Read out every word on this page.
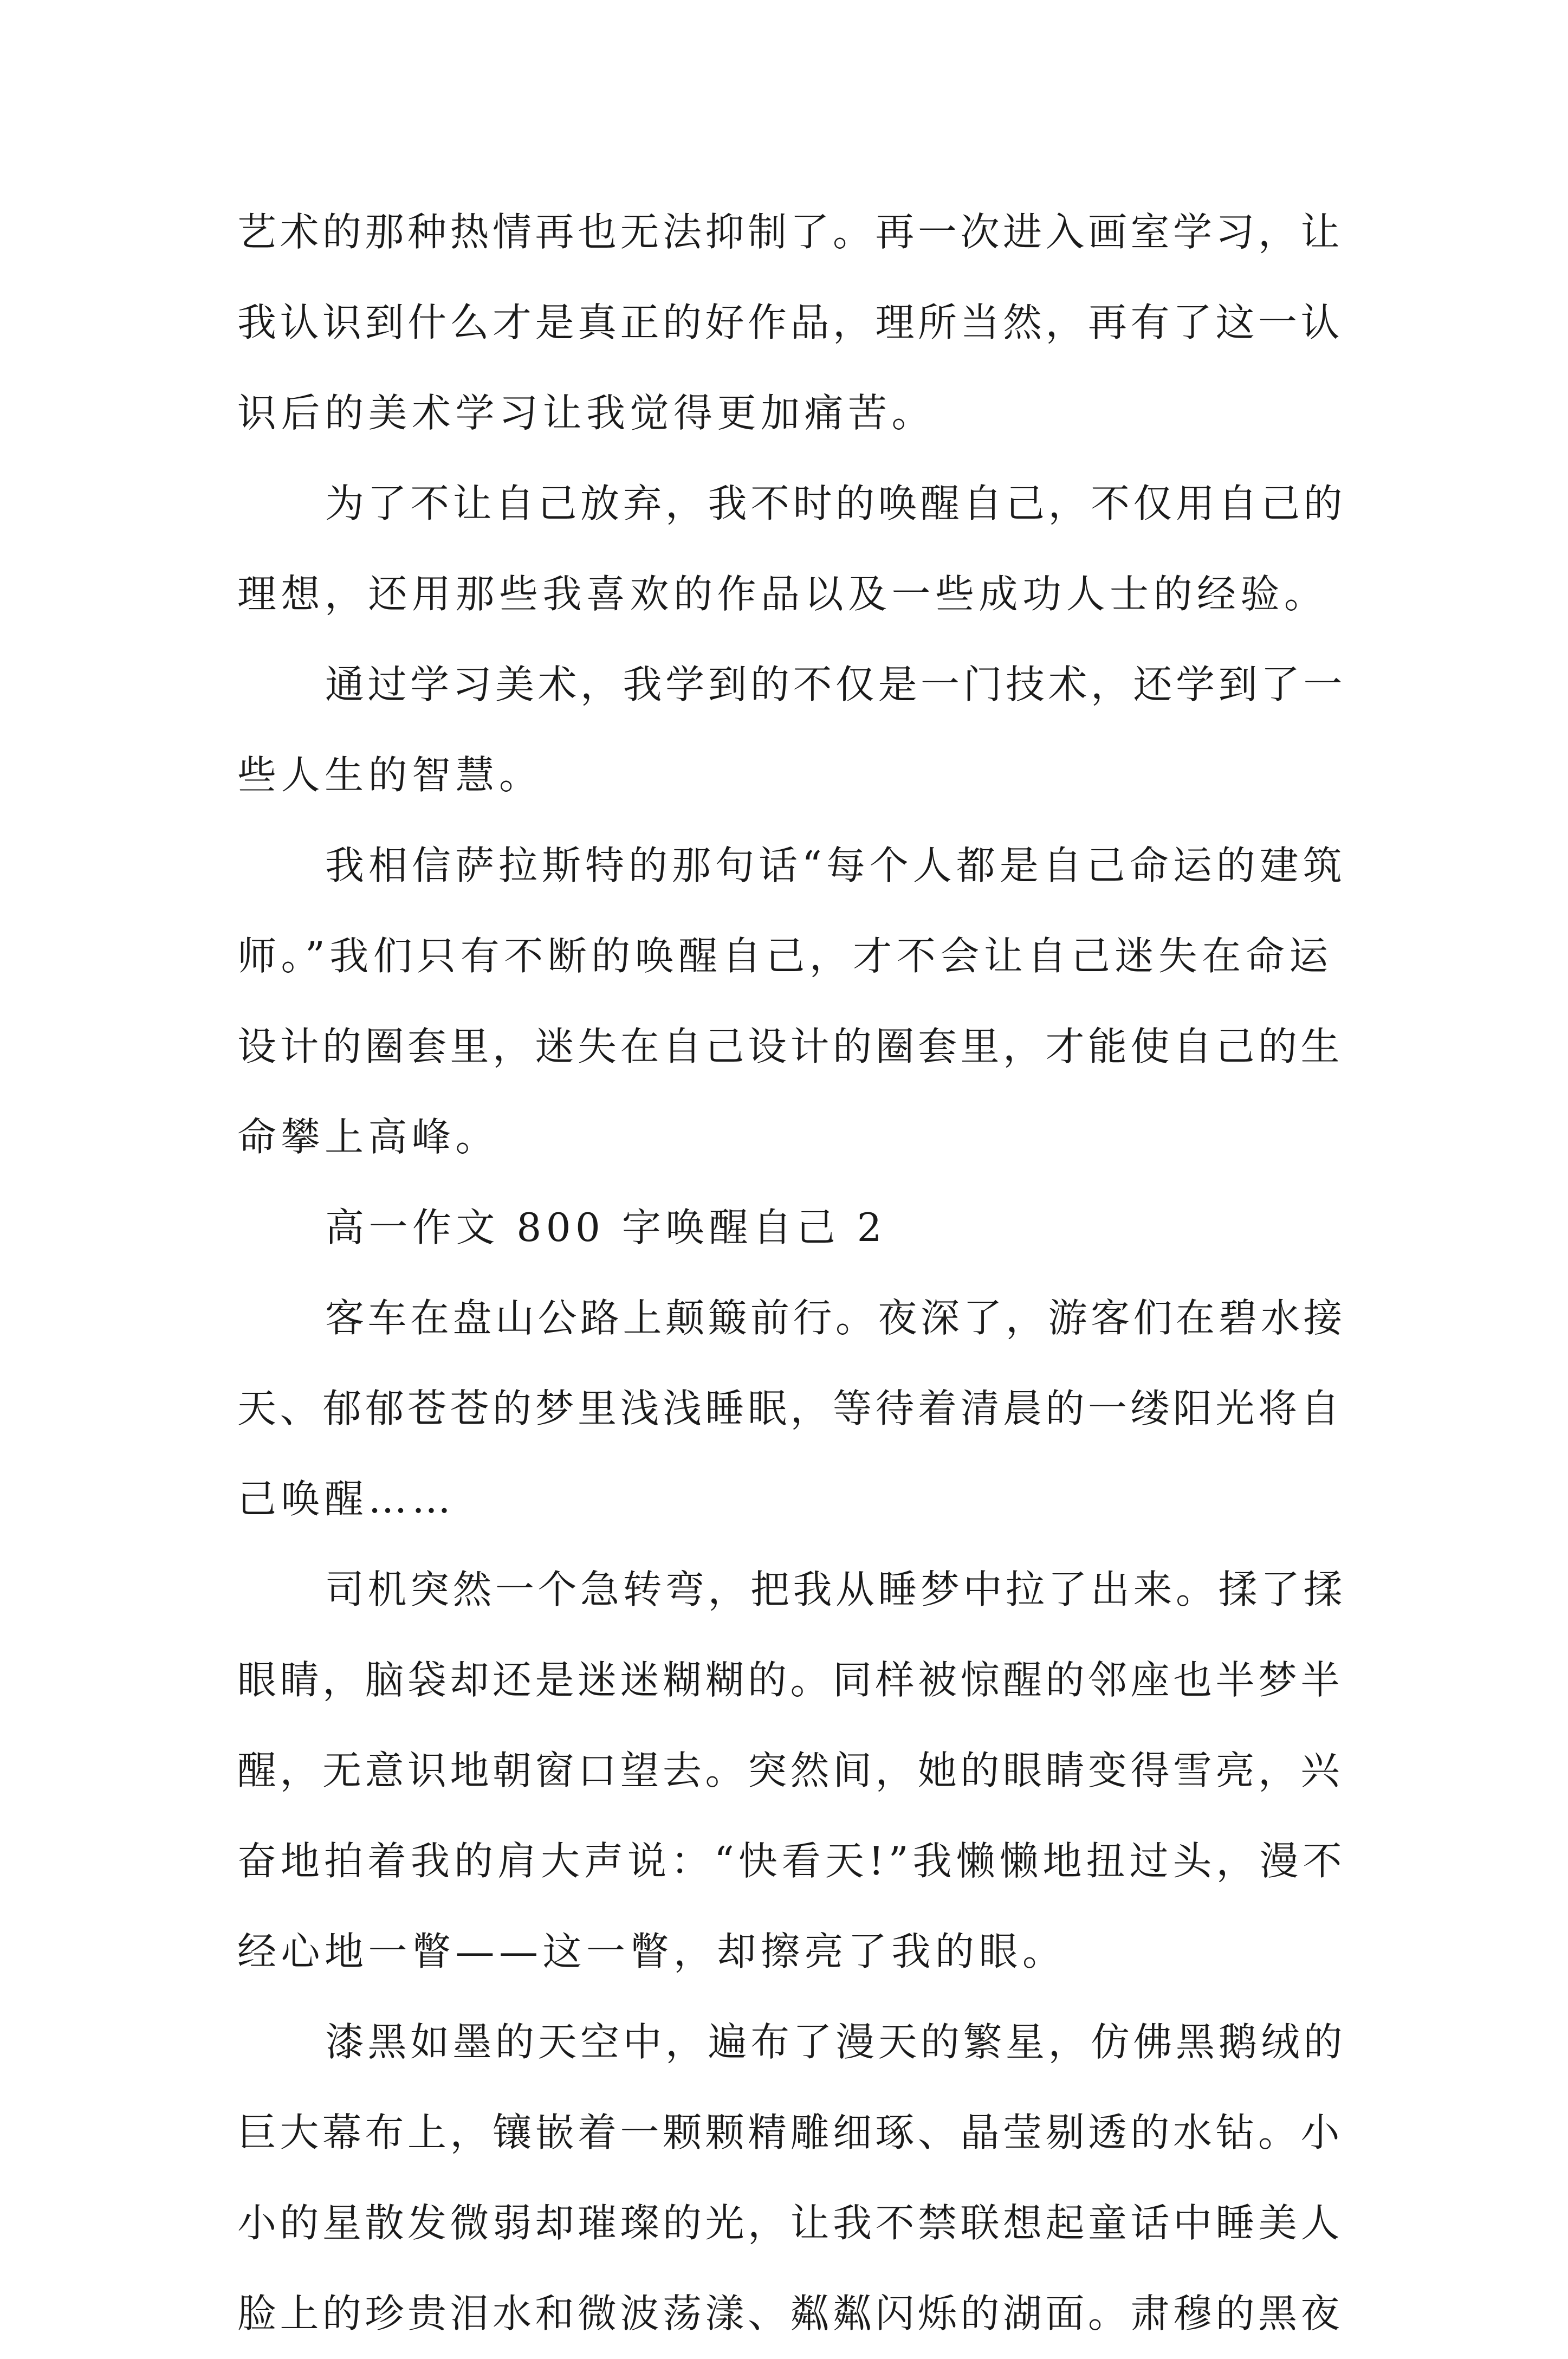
艺术的那种热情再也无法抑制了。再一次进入画室学习，让
我认识到什么才是真正的好作品，理所当然，再有了这一认
识后的美术学习让我觉得更加痛苦。
为了不让自己放弃，我不时的唤醒自己，不仅用自己的
理想，还用那些我喜欢的作品以及一些成功人士的经验。
通过学习美术，我学到的不仅是一门技术，还学到了一
些人生的智慧。
我相信萨拉斯特的那句话“每个人都是自己命运的建筑
师。”我们只有不断的唤醒自己，才不会让自己迷失在命运
设计的圈套里，迷失在自己设计的圈套里，才能使自己的生
命攀上高峰。
高一作文 800 字唤醒自己 2
客车在盘山公路上颠簸前行。夜深了，游客们在碧水接
天、郁郁苍苍的梦里浅浅睡眠，等待着清晨的一缕阳光将自
己唤醒……
司机突然一个急转弯，把我从睡梦中拉了出来。揉了揉
眼睛，脑袋却还是迷迷糊糊的。同样被惊醒的邻座也半梦半
醒，无意识地朝窗口望去。突然间，她的眼睛变得雪亮，兴
奋地拍着我的肩大声说：“快看天!”我懒懒地扭过头，漫不
经心地一瞥——这一瞥，却擦亮了我的眼。
漆黑如墨的天空中，遍布了漫天的繁星，仿佛黑鹅绒的
巨大幕布上，镶嵌着一颗颗精雕细琢、晶莹剔透的水钻。小
小的星散发微弱却璀璨的光，让我不禁联想起童话中睡美人
脸上的珍贵泪水和微波荡漾、粼粼闪烁的湖面。肃穆的黑夜
